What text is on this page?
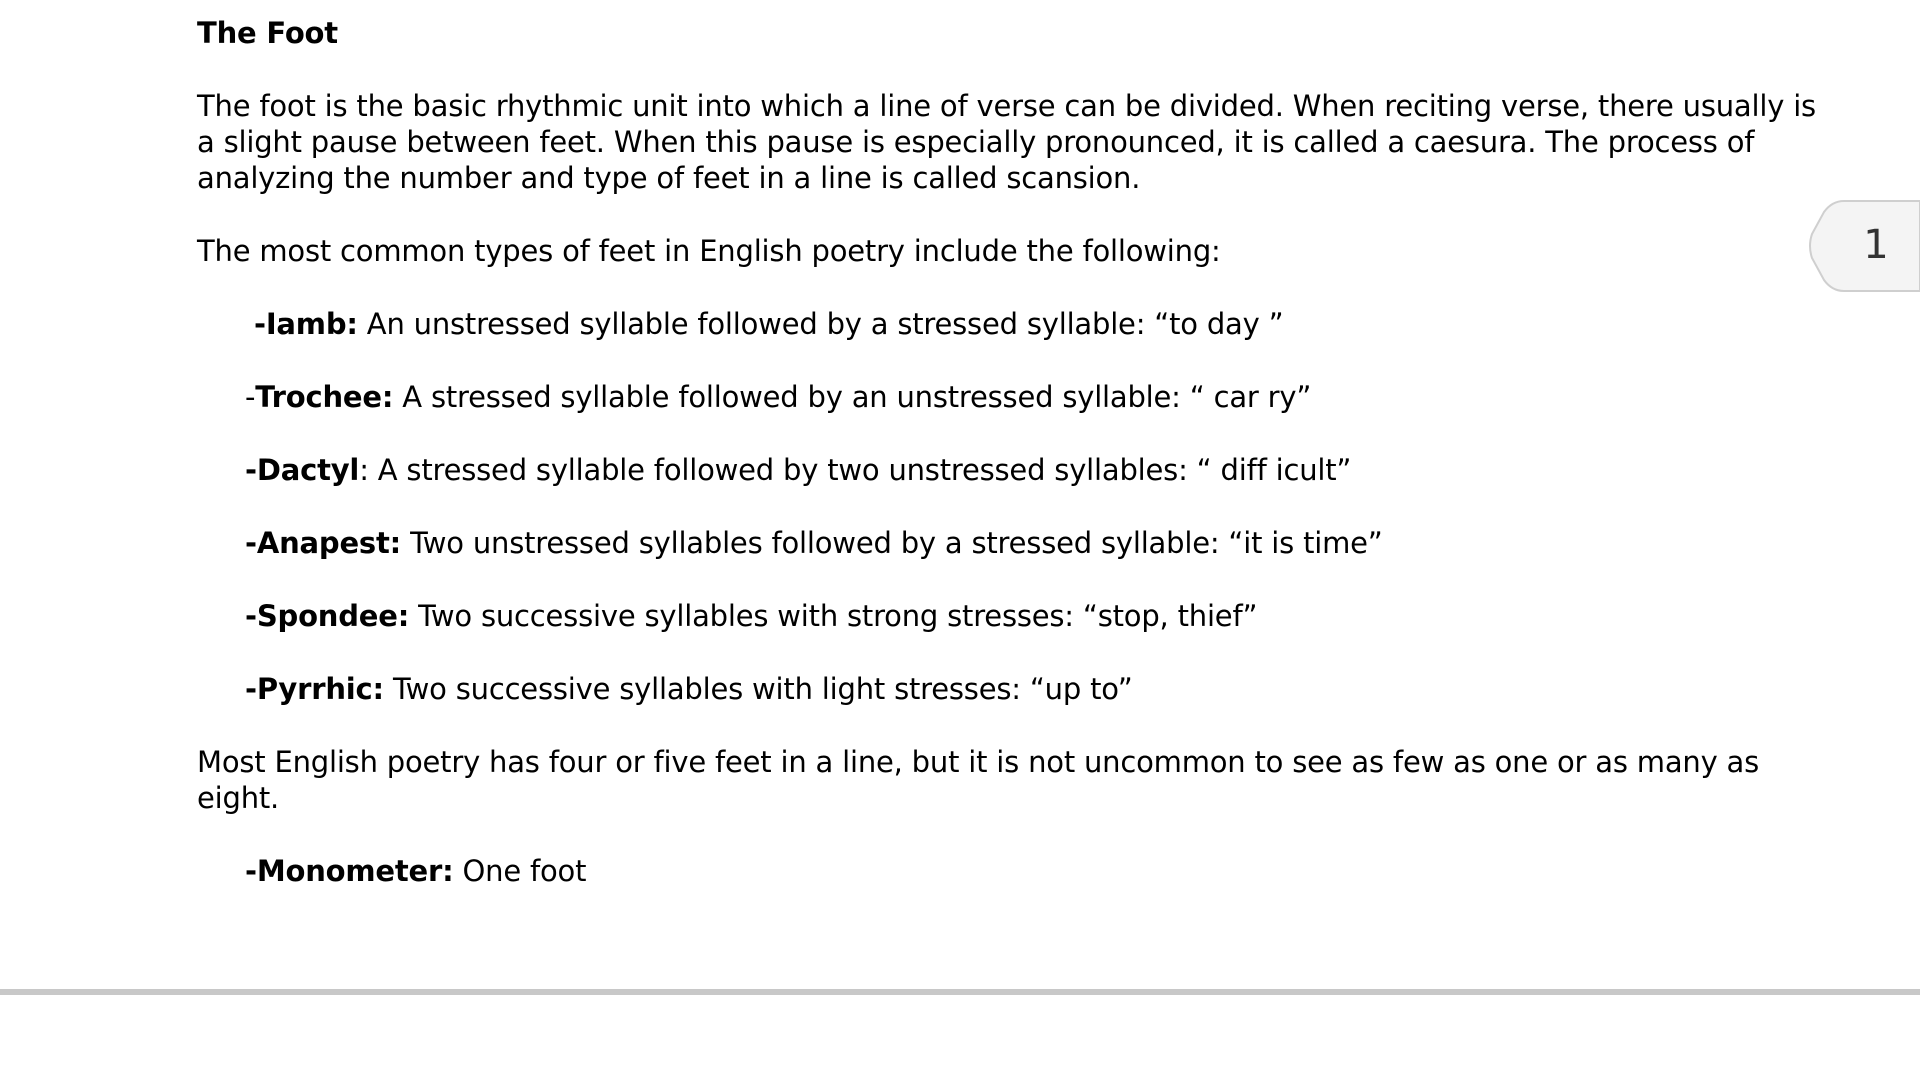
The Foot
The foot is the basic rhythmic unit into which a line of verse can be divided. When reciting verse, there usually is
a slight pause between feet. When this pause is especially pronounced, it is called a caesura. The process of
analyzing the number and type of feet in a line is called scansion.
The most common types of feet in English poetry include the following:
-Iamb: An unstressed syllable followed by a stressed syllable: “to day ”
-Trochee: A stressed syllable followed by an unstressed syllable: “ car ry”
-Dactyl: A stressed syllable followed by two unstressed syllables: “ diff icult”
-Anapest: Two unstressed syllables followed by a stressed syllable: “it is time”
-Spondee: Two successive syllables with strong stresses: “stop, thief”
-Pyrrhic: Two successive syllables with light stresses: “up to”
Most English poetry has four or five feet in a line, but it is not uncommon to see as few as one or as many as
eight.
-Monometer: One foot
1
